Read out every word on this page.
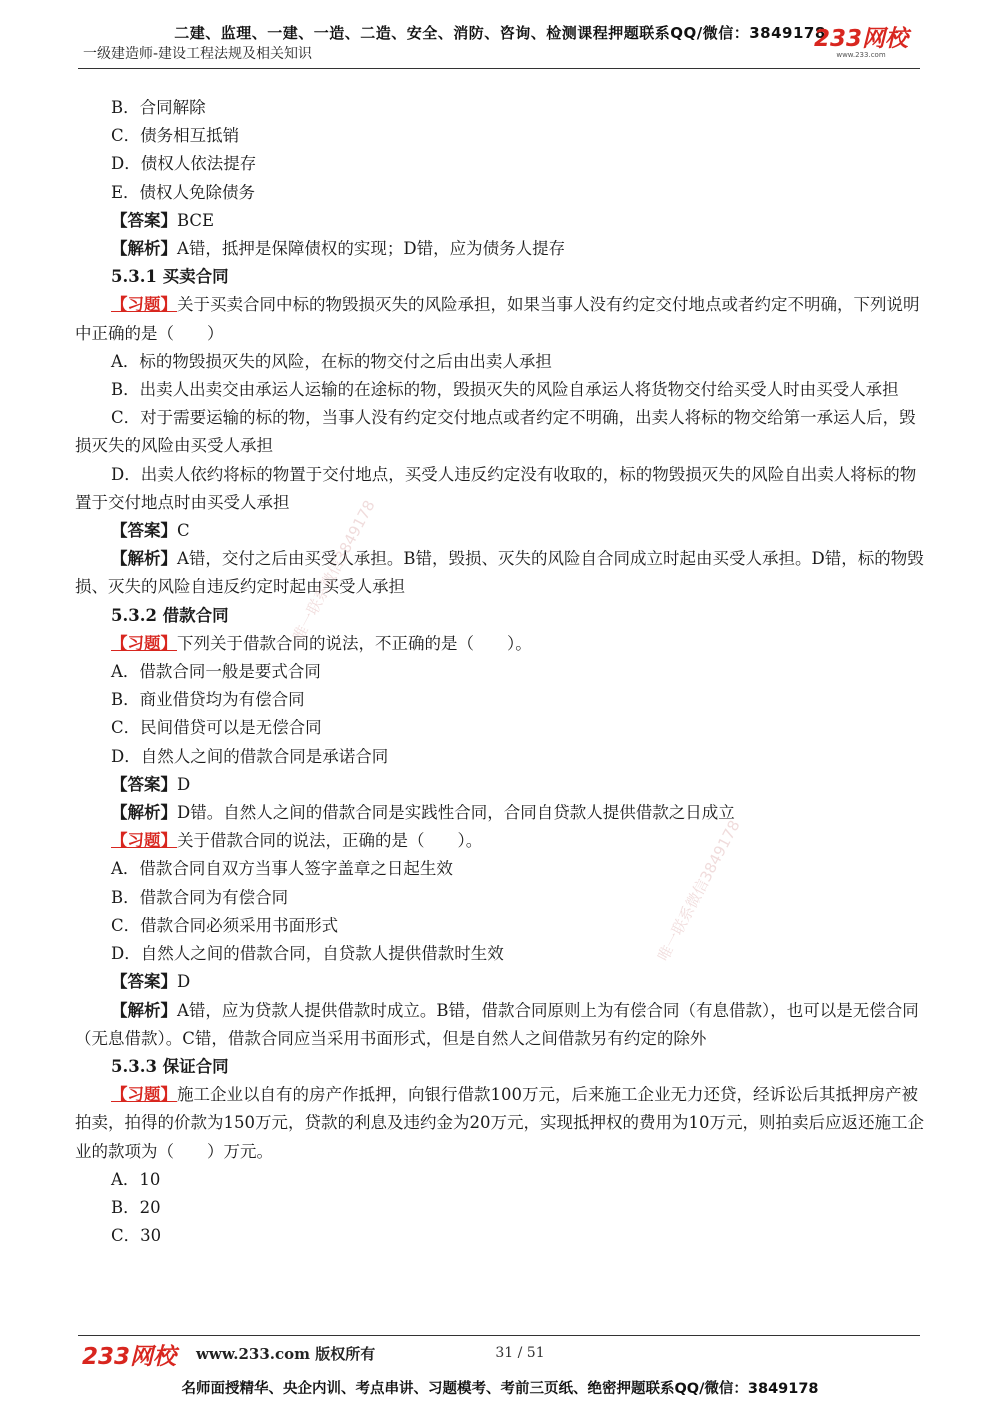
二建、监理、一建、一造、二造、安全、消防、咨询、检测课程押题联系QQ/微信：3849178
一级建造师-建设工程法规及相关知识
233网校
www.233.com

B．合同解除

C．债务相互抵销

D．债权人依法提存

E．债权人免除债务

【答案】BCE

【解析】A错，抵押是保障债权的实现；D错，应为债务人提存

5.3.1 买卖合同

【习题】关于买卖合同中标的物毁损灭失的风险承担，如果当事人没有约定交付地点或者约定不明确，下列说明中正确的是（　　）

A．标的物毁损灭失的风险，在标的物交付之后由出卖人承担

B．出卖人出卖交由承运人运输的在途标的物，毁损灭失的风险自承运人将货物交付给买受人时由买受人承担

C．对于需要运输的标的物，当事人没有约定交付地点或者约定不明确，出卖人将标的物交给第一承运人后，毁损灭失的风险由买受人承担

D．出卖人依约将标的物置于交付地点，买受人违反约定没有收取的，标的物毁损灭失的风险自出卖人将标的物置于交付地点时由买受人承担

【答案】C

【解析】A错，交付之后由买受人承担。B错，毁损、灭失的风险自合同成立时起由买受人承担。D错，标的物毁损、灭失的风险自违反约定时起由买受人承担

5.3.2 借款合同

【习题】下列关于借款合同的说法，不正确的是（　　）。

A．借款合同一般是要式合同

B．商业借贷均为有偿合同

C．民间借贷可以是无偿合同

D．自然人之间的借款合同是承诺合同

【答案】D

【解析】D错。自然人之间的借款合同是实践性合同，合同自贷款人提供借款之日成立

【习题】关于借款合同的说法，正确的是（　　）。

A．借款合同自双方当事人签字盖章之日起生效

B．借款合同为有偿合同

C．借款合同必须采用书面形式

D．自然人之间的借款合同，自贷款人提供借款时生效

【答案】D

【解析】A错，应为贷款人提供借款时成立。B错，借款合同原则上为有偿合同（有息借款），也可以是无偿合同（无息借款）。C错，借款合同应当采用书面形式，但是自然人之间借款另有约定的除外

5.3.3 保证合同

【习题】施工企业以自有的房产作抵押，向银行借款100万元，后来施工企业无力还贷，经诉讼后其抵押房产被拍卖，拍得的价款为150万元，贷款的利息及违约金为20万元，实现抵押权的费用为10万元，则拍卖后应返还施工企业的款项为（　　）万元。

A．10

B．20

C．30

唯一联系微信3849178
唯一联系微信3849178
233网校 www.233.com 版权所有	31 / 51
名师面授精华、央企内训、考点串讲、习题模考、考前三页纸、绝密押题联系QQ/微信：3849178
